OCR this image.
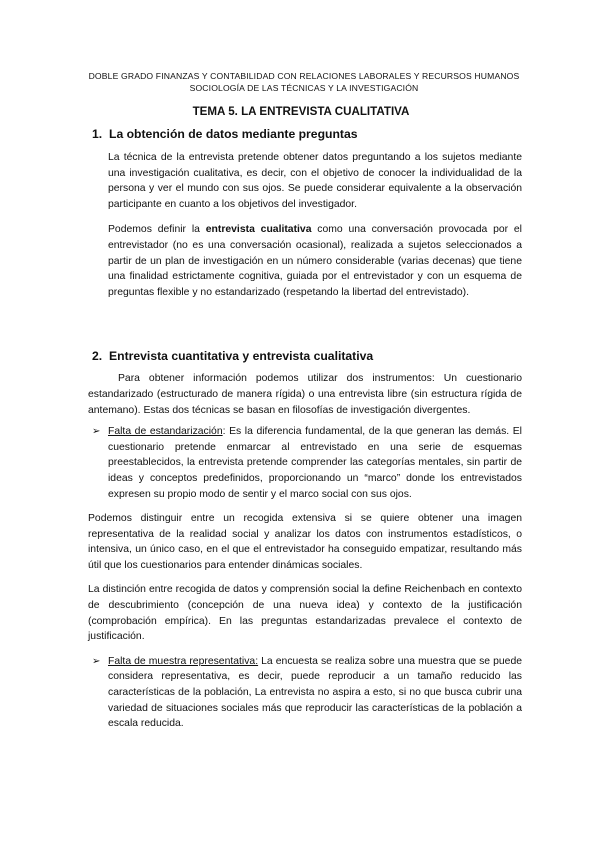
DOBLE GRADO FINANZAS Y CONTABILIDAD CON RELACIONES LABORALES Y RECURSOS HUMANOS
SOCIOLOGÍA DE LAS TÉCNICAS Y LA INVESTIGACIÓN
TEMA 5. LA ENTREVISTA CUALITATIVA
1. La obtención de datos mediante preguntas

La técnica de la entrevista pretende obtener datos preguntando a los sujetos mediante una investigación cualitativa, es decir, con el objetivo de conocer la individualidad de la persona y ver el mundo con sus ojos. Se puede considerar equivalente a la observación participante en cuanto a los objetivos del investigador.

Podemos definir la entrevista cualitativa como una conversación provocada por el entrevistador (no es una conversación ocasional), realizada a sujetos seleccionados a partir de un plan de investigación en un número considerable (varias decenas) que tiene una finalidad estrictamente cognitiva, guiada por el entrevistador y con un esquema de preguntas flexible y no estandarizado (respetando la libertad del entrevistado).

2. Entrevista cuantitativa y entrevista cualitativa

Para obtener información podemos utilizar dos instrumentos: Un cuestionario estandarizado (estructurado de manera rígida) o una entrevista libre (sin estructura rígida de antemano). Estas dos técnicas se basan en filosofías de investigación divergentes.

➢ Falta de estandarización: Es la diferencia fundamental, de la que generan las demás. El cuestionario pretende enmarcar al entrevistado en una serie de esquemas preestablecidos, la entrevista pretende comprender las categorías mentales, sin partir de ideas y conceptos predefinidos, proporcionando un “marco” donde los entrevistados expresen su propio modo de sentir y el marco social con sus ojos.

Podemos distinguir entre un recogida extensiva si se quiere obtener una imagen representativa de la realidad social y analizar los datos con instrumentos estadísticos, o intensiva, un único caso, en el que el entrevistador ha conseguido empatizar, resultando más útil que los cuestionarios para entender dinámicas sociales.

La distinción entre recogida de datos y comprensión social la define Reichenbach en contexto de descubrimiento (concepción de una nueva idea) y contexto de la justificación (comprobación empírica). En las preguntas estandarizadas prevalece el contexto de justificación.

➢ Falta de muestra representativa: La encuesta se realiza sobre una muestra que se puede considera representativa, es decir, puede reproducir a un tamaño reducido las características de la población, La entrevista no aspira a esto, si no que busca cubrir una variedad de situaciones sociales más que reproducir las características de la población a escala reducida.
